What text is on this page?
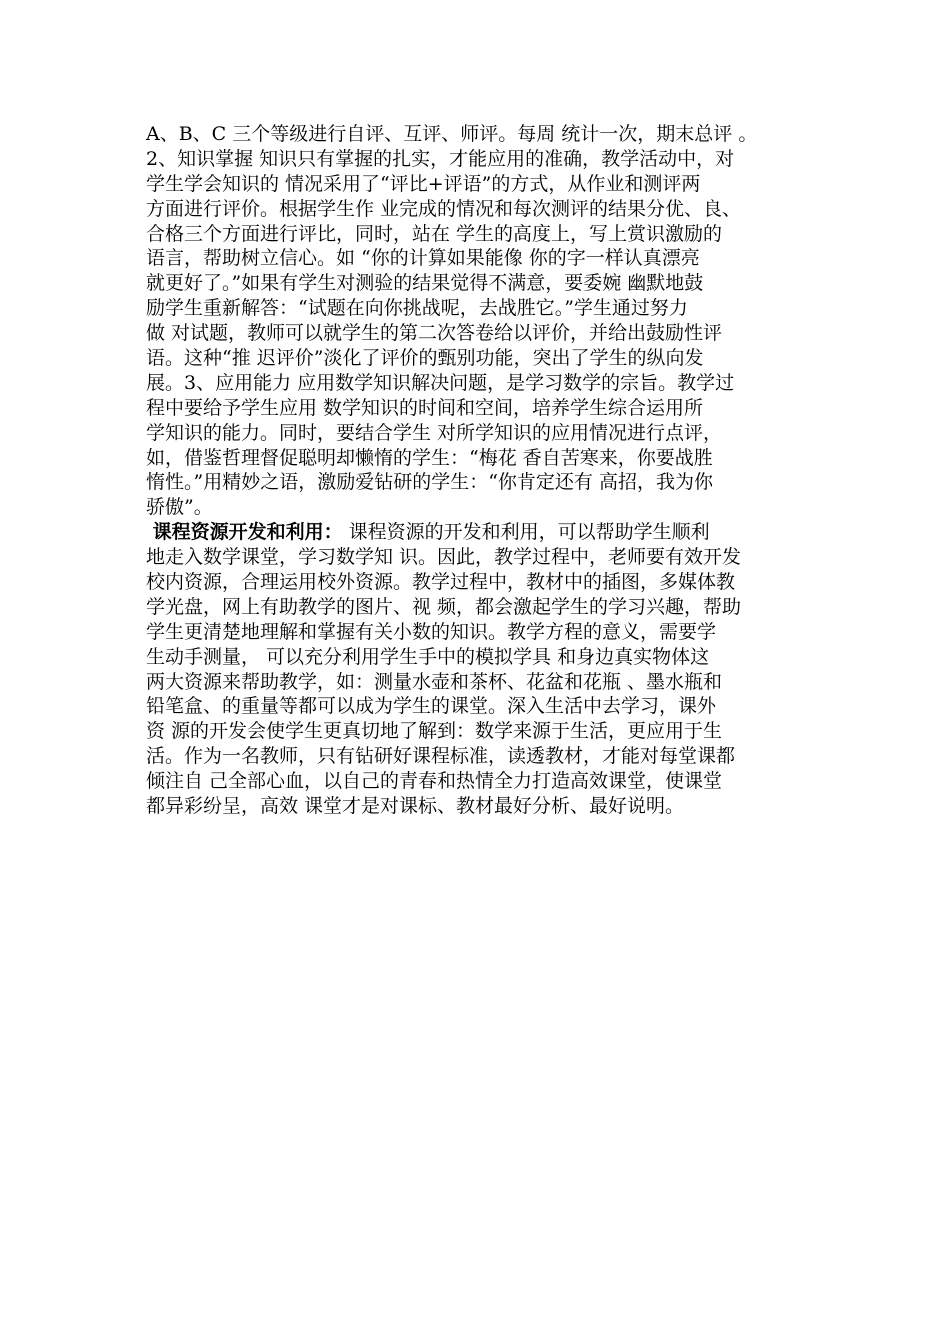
A、B、C 三个等级进行自评、互评、师评。每周 统计一次，期末总评 。
2、知识掌握 知识只有掌握的扎实，才能应用的准确，教学活动中，对
学生学会知识的 情况采用了“评比+评语”的方式，从作业和测评两
方面进行评价。根据学生作 业完成的情况和每次测评的结果分优、良、
合格三个方面进行评比，同时，站在 学生的高度上，写上赏识激励的
语言，帮助树立信心。如 “你的计算如果能像 你的字一样认真漂亮
就更好了。”如果有学生对测验的结果觉得不满意，要委婉 幽默地鼓
励学生重新解答：“试题在向你挑战呢，去战胜它。”学生通过努力
做 对试题，教师可以就学生的第二次答卷给以评价，并给出鼓励性评
语。这种“推 迟评价”淡化了评价的甄别功能，突出了学生的纵向发
展。3、应用能力 应用数学知识解决问题，是学习数学的宗旨。教学过
程中要给予学生应用 数学知识的时间和空间，培养学生综合运用所
学知识的能力。同时，要结合学生 对所学知识的应用情况进行点评，
如，借鉴哲理督促聪明却懒惰的学生：“梅花 香自苦寒来，你要战胜
惰性。”用精妙之语，激励爱钻研的学生：“你肯定还有 高招，我为你
骄傲”。
课程资源开发和利用： 课程资源的开发和利用，可以帮助学生顺利
地走入数学课堂，学习数学知 识。因此，教学过程中，老师要有效开发
校内资源，合理运用校外资源。教学过程中，教材中的插图，多媒体教
学光盘，网上有助教学的图片、视 频，都会激起学生的学习兴趣，帮助
学生更清楚地理解和掌握有关小数的知识。教学方程的意义，需要学
生动手测量， 可以充分利用学生手中的模拟学具 和身边真实物体这
两大资源来帮助教学，如：测量水壶和茶杯、花盆和花瓶 、墨水瓶和
铅笔盒、的重量等都可以成为学生的课堂。深入生活中去学习，课外
资 源的开发会使学生更真切地了解到：数学来源于生活，更应用于生
活。作为一名教师，只有钻研好课程标准，读透教材，才能对每堂课都
倾注自 己全部心血，以自己的青春和热情全力打造高效课堂，使课堂
都异彩纷呈，高效 课堂才是对课标、教材最好分析、最好说明。
